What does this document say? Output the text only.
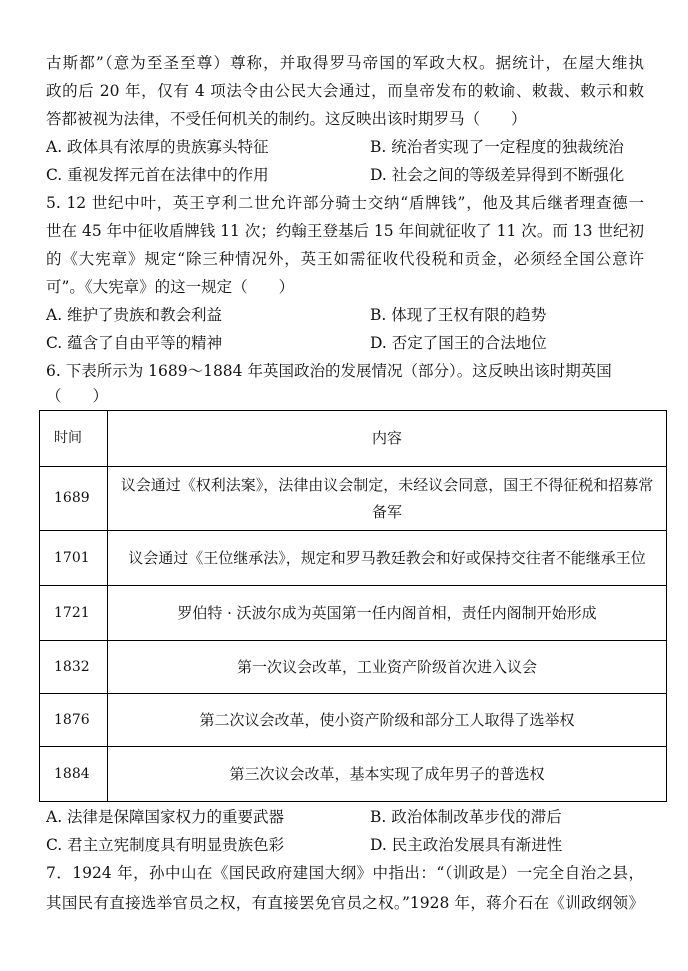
古斯都”（意为至圣至尊）尊称，并取得罗马帝国的军政大权。据统计，在屋大维执
政的后 20 年，仅有 4 项法令由公民大会通过，而皇帝发布的敕谕、敕裁、敕示和敕
答都被视为法律，不受任何机关的制约。这反映出该时期罗马（　　）
A. 政体具有浓厚的贵族寡头特征	B. 统治者实现了一定程度的独裁统治
C. 重视发挥元首在法律中的作用	D. 社会之间的等级差异得到不断强化
5. 12 世纪中叶，英王亨利二世允许部分骑士交纳“盾牌钱”，他及其后继者理查德一
世在 45 年中征收盾牌钱 11 次；约翰王登基后 15 年间就征收了 11 次。而 13 世纪初
的《大宪章》规定“除三种情况外，英王如需征收代役税和贡金，必须经全国公意许
可”。《大宪章》的这一规定（　　）
A. 维护了贵族和教会利益	B. 体现了王权有限的趋势
C. 蕴含了自由平等的精神	D. 否定了国王的合法地位
6. 下表所示为 1689～1884 年英国政治的发展情况（部分）。这反映出该时期英国
（　　）
时间	内容
1689	议会通过《权利法案》，法律由议会制定，未经议会同意，国王不得征税和招募常备军
1701	议会通过《王位继承法》，规定和罗马教廷教会和好或保持交往者不能继承王位
1721	罗伯特 · 沃波尔成为英国第一任内阁首相，责任内阁制开始形成
1832	第一次议会改革，工业资产阶级首次进入议会
1876	第二次议会改革，使小资产阶级和部分工人取得了选举权
1884	第三次议会改革，基本实现了成年男子的普选权
A. 法律是保障国家权力的重要武器	B. 政治体制改革步伐的滞后
C. 君主立宪制度具有明显贵族色彩	D. 民主政治发展具有渐进性
7．1924 年，孙中山在《国民政府建国大纲》中指出：“（训政是）一完全自治之县，
其国民有直接选举官员之权，有直接罢免官员之权。”1928 年，蒋介石在《训政纲领》
